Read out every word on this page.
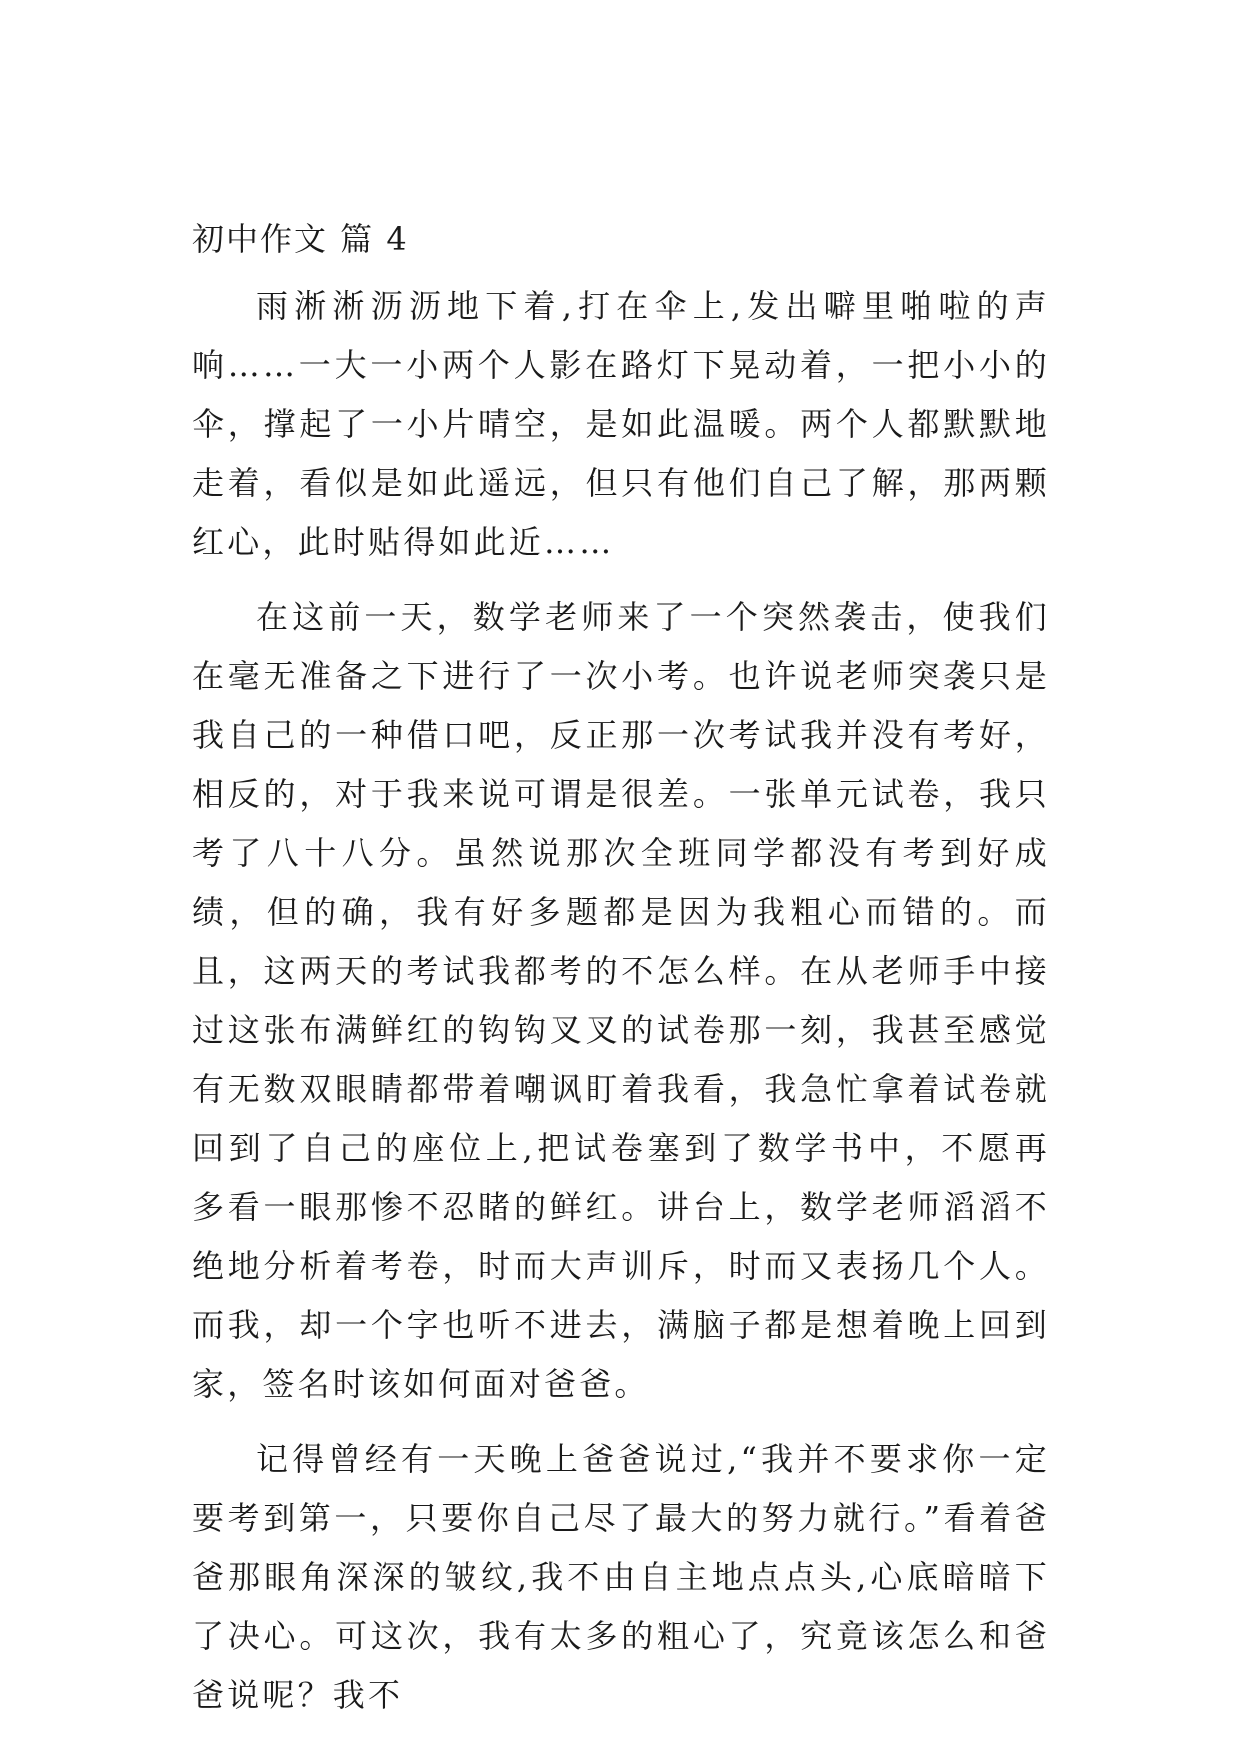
初中作文 篇 4

雨淅淅沥沥地下着,打在伞上,发出噼里啪啦的声响……一大一小两个人影在路灯下晃动着，一把小小的伞，撑起了一小片晴空，是如此温暖。两个人都默默地走着，看似是如此遥远，但只有他们自己了解，那两颗红心，此时贴得如此近……

在这前一天，数学老师来了一个突然袭击，使我们在毫无准备之下进行了一次小考。也许说老师突袭只是我自己的一种借口吧，反正那一次考试我并没有考好，相反的，对于我来说可谓是很差。一张单元试卷，我只考了八十八分。虽然说那次全班同学都没有考到好成绩，但的确，我有好多题都是因为我粗心而错的。而且，这两天的考试我都考的不怎么样。在从老师手中接过这张布满鲜红的钩钩叉叉的试卷那一刻，我甚至感觉有无数双眼睛都带着嘲讽盯着我看，我急忙拿着试卷就回到了自己的座位上,把试卷塞到了数学书中，不愿再多看一眼那惨不忍睹的鲜红。讲台上，数学老师滔滔不绝地分析着考卷，时而大声训斥，时而又表扬几个人。而我，却一个字也听不进去，满脑子都是想着晚上回到家，签名时该如何面对爸爸。

记得曾经有一天晚上爸爸说过,“我并不要求你一定要考到第一，只要你自己尽了最大的努力就行。”看着爸爸那眼角深深的皱纹,我不由自主地点点头,心底暗暗下了决心。可这次，我有太多的粗心了，究竟该怎么和爸爸说呢？我不
